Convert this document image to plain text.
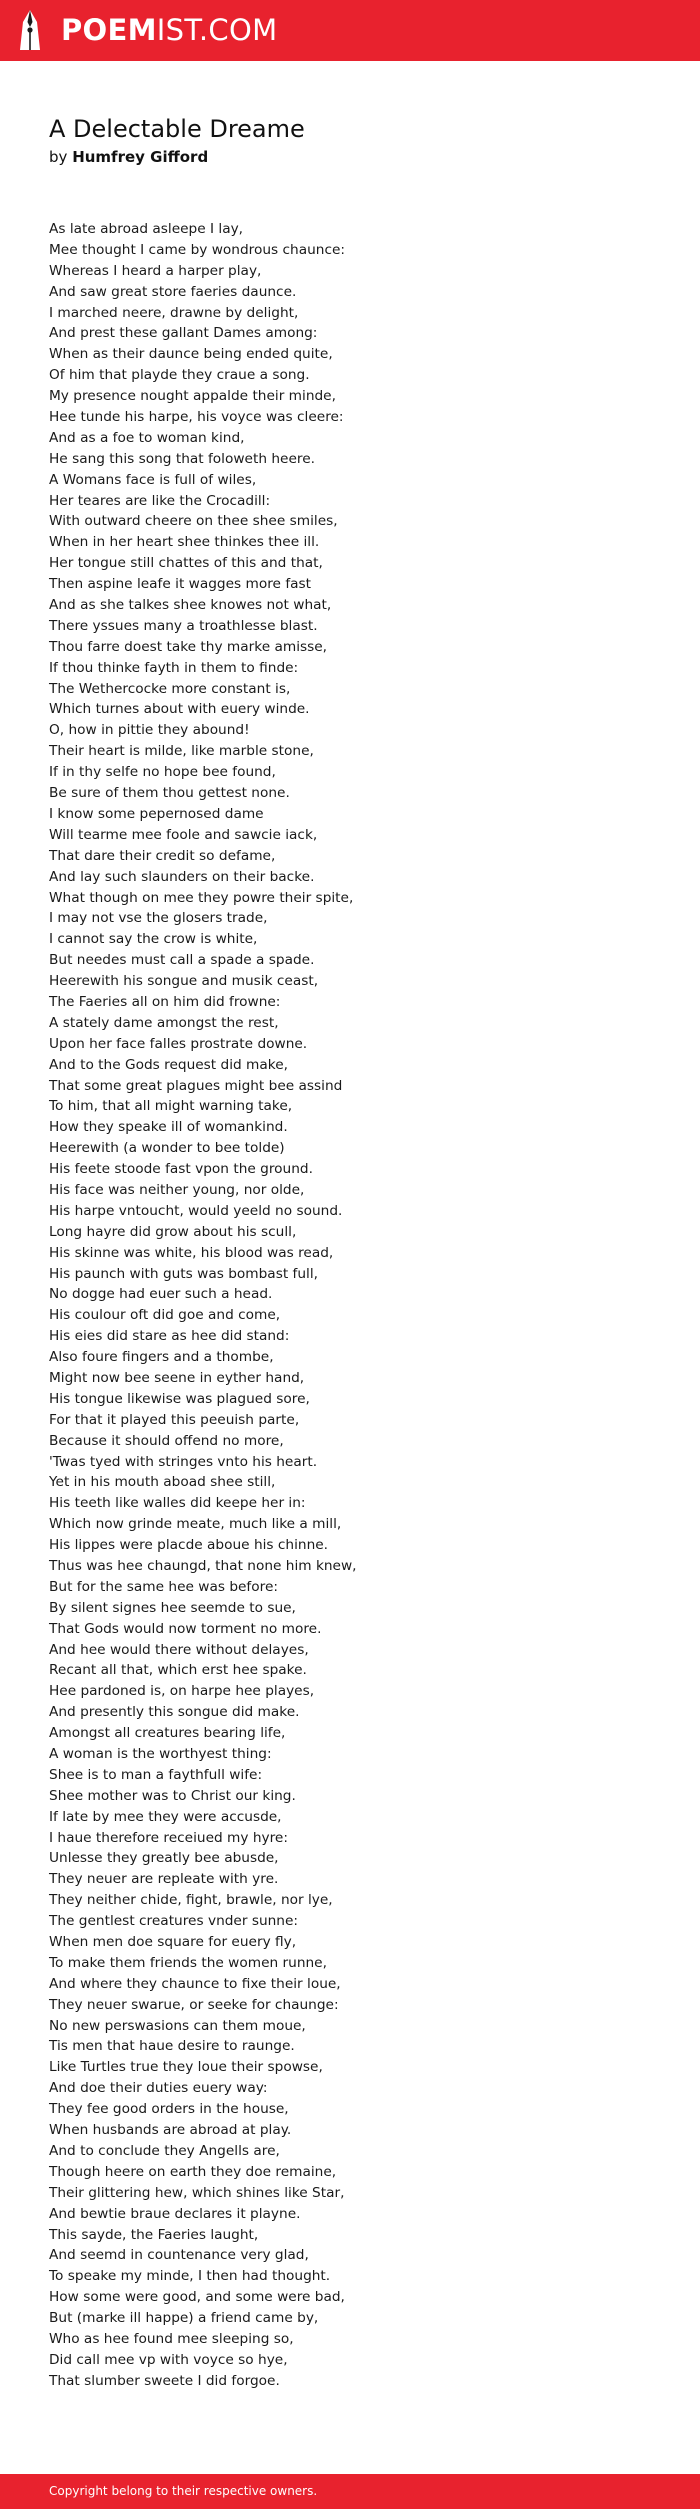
POEMIST.COM
A Delectable Dreame

by Humfrey Gifford

As late abroad asleepe I lay,
Mee thought I came by wondrous chaunce:
Whereas I heard a harper play,
And saw great store faeries daunce.
I marched neere, drawne by delight,
And prest these gallant Dames among:
When as their daunce being ended quite,
Of him that playde they craue a song.
My presence nought appalde their minde,
Hee tunde his harpe, his voyce was cleere:
And as a foe to woman kind,
He sang this song that foloweth heere.
A Womans face is full of wiles,
Her teares are like the Crocadill:
With outward cheere on thee shee smiles,
When in her heart shee thinkes thee ill.
Her tongue still chattes of this and that,
Then aspine leafe it wagges more fast
And as she talkes shee knowes not what,
There yssues many a troathlesse blast.
Thou farre doest take thy marke amisse,
If thou thinke fayth in them to finde:
The Wethercocke more constant is,
Which turnes about with euery winde.
O, how in pittie they abound!
Their heart is milde, like marble stone,
If in thy selfe no hope bee found,
Be sure of them thou gettest none.
I know some pepernosed dame
Will tearme mee foole and sawcie iack,
That dare their credit so defame,
And lay such slaunders on their backe.
What though on mee they powre their spite,
I may not vse the glosers trade,
I cannot say the crow is white,
But needes must call a spade a spade.
Heerewith his songue and musik ceast,
The Faeries all on him did frowne:
A stately dame amongst the rest,
Upon her face falles prostrate downe.
And to the Gods request did make,
That some great plagues might bee assind
To him, that all might warning take,
How they speake ill of womankind.
Heerewith (a wonder to bee tolde)
His feete stoode fast vpon the ground.
His face was neither young, nor olde,
His harpe vntoucht, would yeeld no sound.
Long hayre did grow about his scull,
His skinne was white, his blood was read,
His paunch with guts was bombast full,
No dogge had euer such a head.
His coulour oft did goe and come,
His eies did stare as hee did stand:
Also foure fingers and a thombe,
Might now bee seene in eyther hand,
His tongue likewise was plagued sore,
For that it played this peeuish parte,
Because it should offend no more,
'Twas tyed with stringes vnto his heart.
Yet in his mouth aboad shee still,
His teeth like walles did keepe her in:
Which now grinde meate, much like a mill,
His lippes were placde aboue his chinne.
Thus was hee chaungd, that none him knew,
But for the same hee was before:
By silent signes hee seemde to sue,
That Gods would now torment no more.
And hee would there without delayes,
Recant all that, which erst hee spake.
Hee pardoned is, on harpe hee playes,
And presently this songue did make.
Amongst all creatures bearing life,
A woman is the worthyest thing:
Shee is to man a faythfull wife:
Shee mother was to Christ our king.
If late by mee they were accusde,
I haue therefore receiued my hyre:
Unlesse they greatly bee abusde,
They neuer are repleate with yre.
They neither chide, fight, brawle, nor lye,
The gentlest creatures vnder sunne:
When men doe square for euery fly,
To make them friends the women runne,
And where they chaunce to fixe their loue,
They neuer swarue, or seeke for chaunge:
No new perswasions can them moue,
Tis men that haue desire to raunge.
Like Turtles true they loue their spowse,
And doe their duties euery way:
They fee good orders in the house,
When husbands are abroad at play.
And to conclude they Angells are,
Though heere on earth they doe remaine,
Their glittering hew, which shines like Star,
And bewtie braue declares it playne.
This sayde, the Faeries laught,
And seemd in countenance very glad,
To speake my minde, I then had thought.
How some were good, and some were bad,
But (marke ill happe) a friend came by,
Who as hee found mee sleeping so,
Did call mee vp with voyce so hye,
That slumber sweete I did forgoe.
Copyright belong to their respective owners.
